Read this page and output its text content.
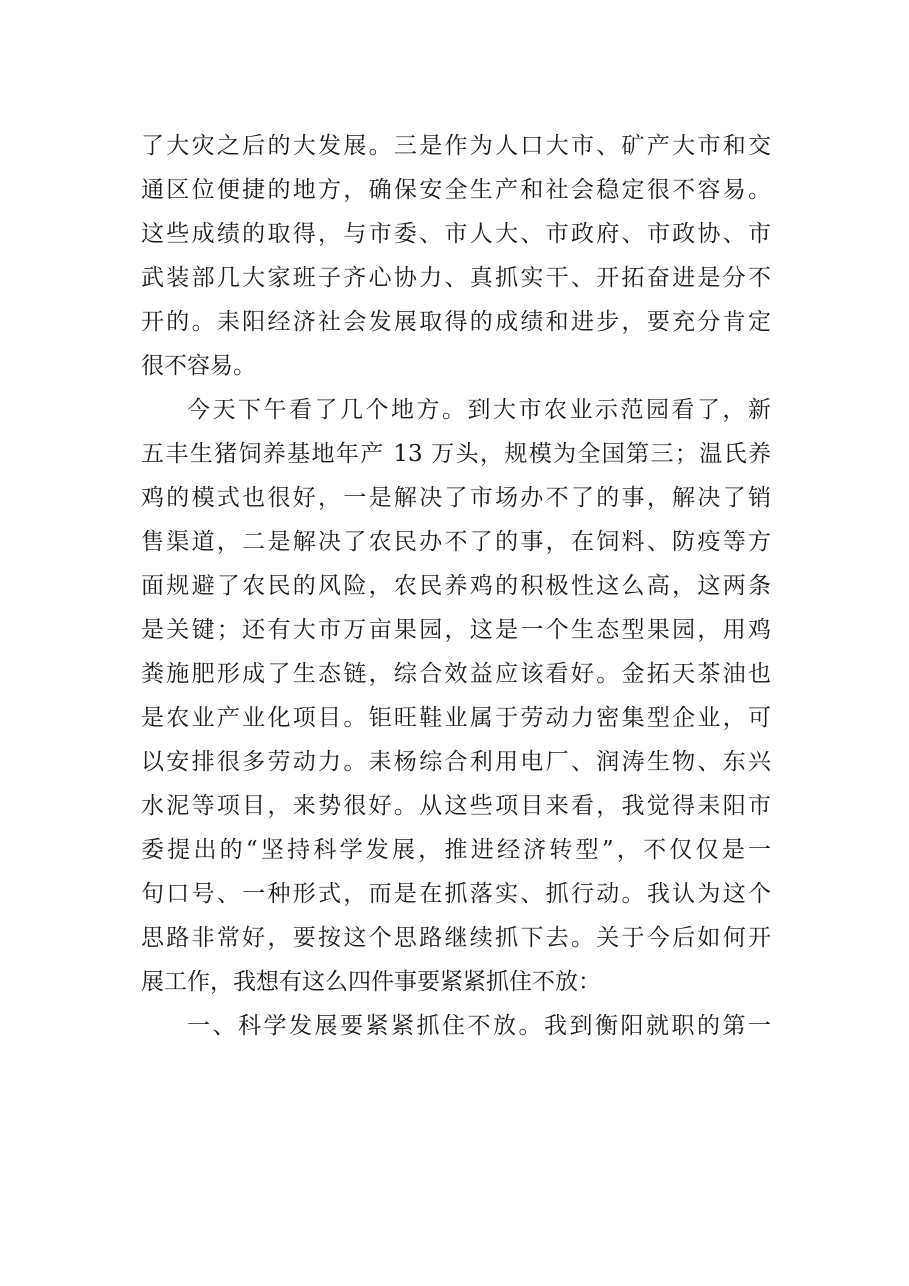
了大灾之后的大发展。三是作为人口大市、矿产大市和交
通区位便捷的地方，确保安全生产和社会稳定很不容易。
这些成绩的取得，与市委、市人大、市政府、市政协、市
武装部几大家班子齐心协力、真抓实干、开拓奋进是分不
开的。耒阳经济社会发展取得的成绩和进步，要充分肯定
很不容易。
今天下午看了几个地方。到大市农业示范园看了，新
五丰生猪饲养基地年产 13 万头，规模为全国第三；温氏养
鸡的模式也很好，一是解决了市场办不了的事，解决了销
售渠道，二是解决了农民办不了的事，在饲料、防疫等方
面规避了农民的风险，农民养鸡的积极性这么高，这两条
是关键；还有大市万亩果园，这是一个生态型果园，用鸡
粪施肥形成了生态链，综合效益应该看好。金拓天茶油也
是农业产业化项目。钜旺鞋业属于劳动力密集型企业，可
以安排很多劳动力。耒杨综合利用电厂、润涛生物、东兴
水泥等项目，来势很好。从这些项目来看，我觉得耒阳市
委提出的“坚持科学发展，推进经济转型”，不仅仅是一
句口号、一种形式，而是在抓落实、抓行动。我认为这个
思路非常好，要按这个思路继续抓下去。关于今后如何开
展工作，我想有这么四件事要紧紧抓住不放：
一、科学发展要紧紧抓住不放。我到衡阳就职的第一
